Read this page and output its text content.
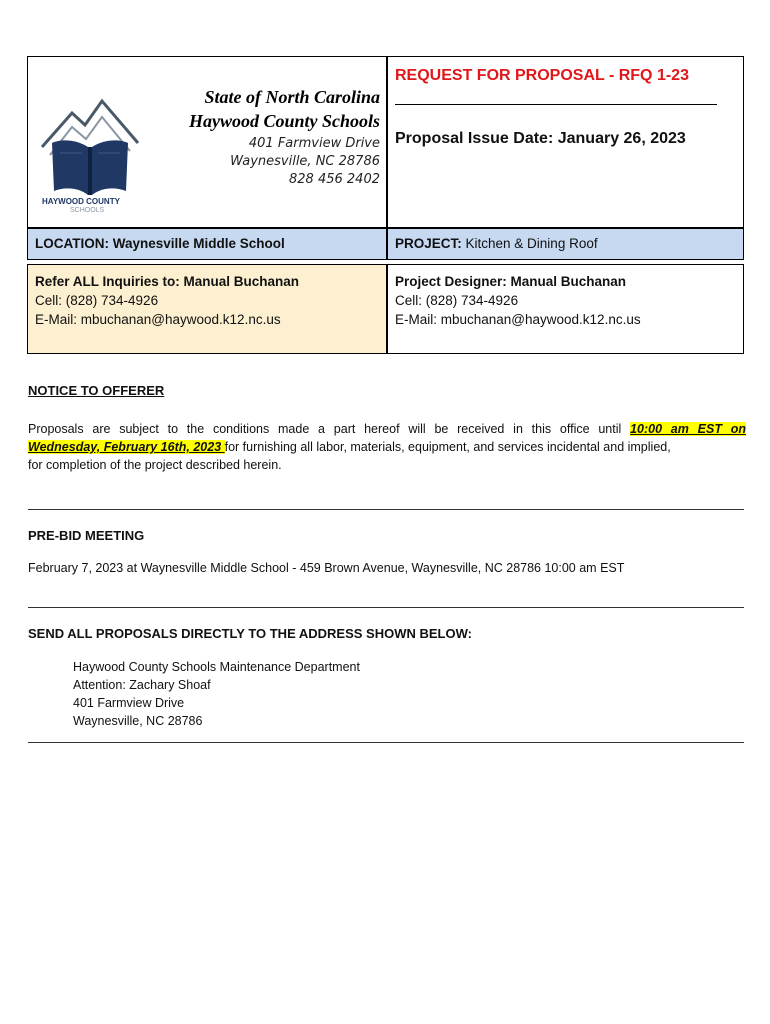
HAYWOOD COUNTY
SCHOOLS
State of North Carolina
Haywood County Schools
401 Farmview Drive
Waynesville, NC 28786
828 456 2402
REQUEST FOR PROPOSAL - RFQ 1-23
Proposal Issue Date: January 26, 2023
LOCATION: Waynesville Middle School	PROJECT: Kitchen & Dining Roof
Refer ALL Inquiries to: Manual Buchanan
Cell: (828) 734-4926
E-Mail: mbuchanan@haywood.k12.nc.us
Project Designer: Manual Buchanan
Cell: (828) 734-4926
E-Mail: mbuchanan@haywood.k12.nc.us
NOTICE TO OFFERER
Proposals are subject to the conditions made a part hereof will be received in this office until 10:00 am EST on
Wednesday, February 16th, 2023 for furnishing all labor, materials, equipment, and services incidental and implied,
for completion of the project described herein.
PRE-BID MEETING
February 7, 2023 at Waynesville Middle School - 459 Brown Avenue, Waynesville, NC 28786 10:00 am EST
SEND ALL PROPOSALS DIRECTLY TO THE ADDRESS SHOWN BELOW:
Haywood County Schools Maintenance Department
Attention: Zachary Shoaf
401 Farmview Drive
Waynesville, NC 28786
